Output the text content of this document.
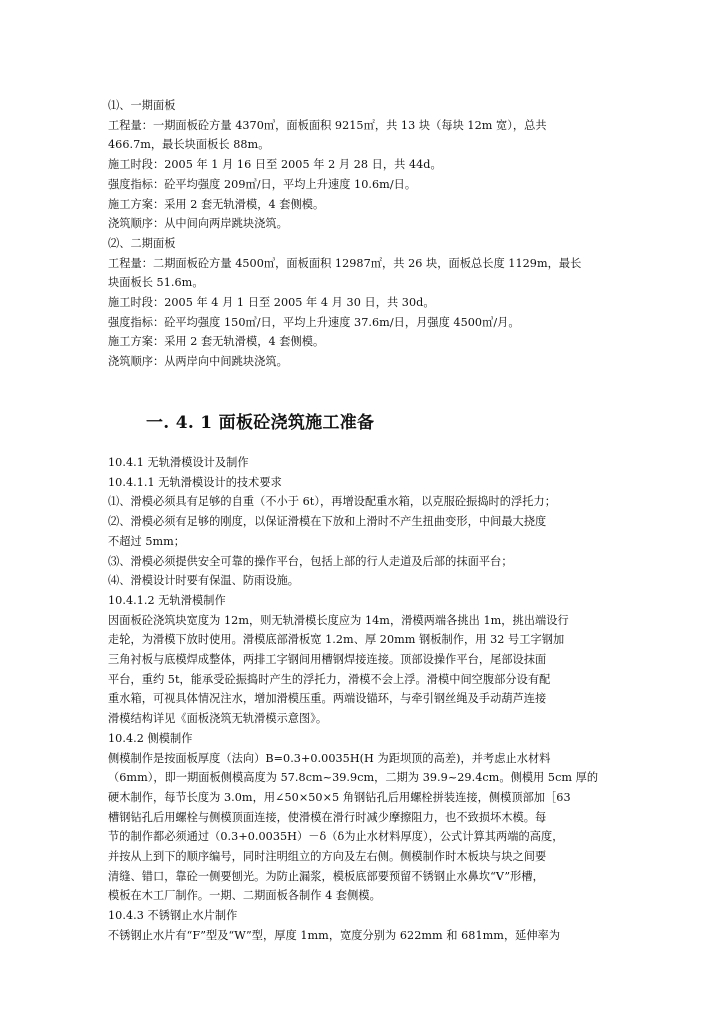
⑴、一期面板
工程量：一期面板砼方量 4370㎥，面板面积 9215㎡，共 13 块（每块 12m 宽），总共
466.7m，最长块面板长 88m。
施工时段：2005 年 1 月 16 日至 2005 年 2 月 28 日，共 44d。
强度指标：砼平均强度 209㎥/日，平均上升速度 10.6m/日。
施工方案：采用 2 套无轨滑模，4 套侧模。
浇筑顺序：从中间向两岸跳块浇筑。
⑵、二期面板
工程量：二期面板砼方量 4500㎥，面板面积 12987㎡，共 26 块，面板总长度 1129m，最长
块面板长 51.6m。
施工时段：2005 年 4 月 1 日至 2005 年 4 月 30 日，共 30d。
强度指标：砼平均强度 150㎥/日，平均上升速度 37.6m/日，月强度 4500㎥/月。
施工方案：采用 2 套无轨滑模，4 套侧模。
浇筑顺序：从两岸向中间跳块浇筑。
一. 4. 1 面板砼浇筑施工准备
10.4.1 无轨滑模设计及制作
10.4.1.1 无轨滑模设计的技术要求
⑴、滑模必须具有足够的自重（不小于 6t），再增设配重水箱，以克服砼振捣时的浮托力；
⑵、滑模必须有足够的刚度，以保证滑模在下放和上滑时不产生扭曲变形，中间最大挠度
不超过 5mm；
⑶、滑模必须提供安全可靠的操作平台，包括上部的行人走道及后部的抹面平台；
⑷、滑模设计时要有保温、防雨设施。
10.4.1.2 无轨滑模制作
因面板砼浇筑块宽度为 12m，则无轨滑模长度应为 14m，滑模两端各挑出 1m，挑出端设行
走轮，为滑模下放时使用。滑模底部滑板宽 1.2m、厚 20mm 钢板制作，用 32 号工字钢加
三角衬板与底模焊成整体，两排工字钢间用槽钢焊接连接。顶部设操作平台，尾部设抹面
平台，重约 5t，能承受砼振捣时产生的浮托力，滑模不会上浮。滑模中间空腹部分设有配
重水箱，可视具体情况注水，增加滑模压重。两端设锚环，与牵引钢丝绳及手动葫芦连接
滑模结构详见《面板浇筑无轨滑模示意图》。
10.4.2 侧模制作
侧模制作是按面板厚度（法向）B=0.3+0.0035H(H 为距坝顶的高差)，并考虑止水材料
（6mm），即一期面板侧模高度为 57.8cm~39.9cm，二期为 39.9~29.4cm。侧模用 5cm 厚的
硬木制作，每节长度为 3.0m，用∠50×50×5 角钢钻孔后用螺栓拼装连接，侧模顶部加［63
槽钢钻孔后用螺栓与侧模顶面连接，使滑模在滑行时减少摩擦阻力，也不致损坏木模。每
节的制作都必须通过（0.3+0.0035H）－δ（δ为止水材料厚度），公式计算其两端的高度，
并按从上到下的顺序编号，同时注明组立的方向及左右侧。侧模制作时木板块与块之间要
清缝、错口，靠砼一侧要刨光。为防止漏浆，模板底部要预留不锈钢止水鼻坎“V”形槽，
模板在木工厂制作。一期、二期面板各制作 4 套侧模。
10.4.3 不锈钢止水片制作
不锈钢止水片有“F”型及“W”型，厚度 1mm，宽度分别为 622mm 和 681mm，延伸率为
